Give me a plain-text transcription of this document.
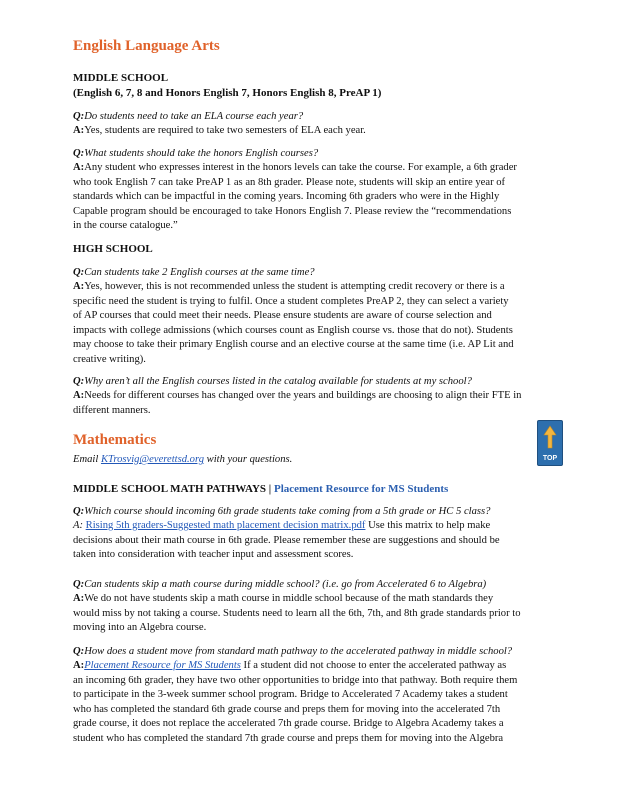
English Language Arts
MIDDLE SCHOOL
(English 6, 7, 8 and Honors English 7, Honors English 8, PreAP 1)
Q:Do students need to take an ELA course each year?
A:Yes, students are required to take two semesters of ELA each year.
Q:What students should take the honors English courses?
A:Any student who expresses interest in the honors levels can take the course. For example, a 6th grader
who took English 7 can take PreAP 1 as an 8th grader. Please note, students will skip an entire year of
standards which can be impactful in the coming years. Incoming 6th graders who were in the Highly
Capable program should be encouraged to take Honors English 7. Please review the “recommendations
in the course catalogue.”
HIGH SCHOOL
Q:Can students take 2 English courses at the same time?
A:Yes, however, this is not recommended unless the student is attempting credit recovery or there is a
specific need the student is trying to fulfil. Once a student completes PreAP 2, they can select a variety
of AP courses that could meet their needs. Please ensure students are aware of course selection and
impacts with college admissions (which courses count as English course vs. those that do not). Students
may choose to take their primary English course and an elective course at the same time (i.e. AP Lit and
creative writing).
Q:Why aren’t all the English courses listed in the catalog available for students at my school?
A:Needs for different courses has changed over the years and buildings are choosing to align their FTE in
different manners.
Mathematics
TOP
Email KTrosvig@everettsd.org with your questions.
MIDDLE SCHOOL MATH PATHWAYS | Placement Resource for MS Students
Q:Which course should incoming 6th grade students take coming from a 5th grade or HC 5 class?
A: Rising 5th graders-Suggested math placement decision matrix.pdf Use this matrix to help make
decisions about their math course in 6th grade. Please remember these are suggestions and should be
taken into consideration with teacher input and assessment scores.
Q:Can students skip a math course during middle school? (i.e. go from Accelerated 6 to Algebra)
A:We do not have students skip a math course in middle school because of the math standards they
would miss by not taking a course. Students need to learn all the 6th, 7th, and 8th grade standards prior to
moving into an Algebra course.
Q:How does a student move from standard math pathway to the accelerated pathway in middle school?
A:Placement Resource for MS Students If a student did not choose to enter the accelerated pathway as
an incoming 6th grader, they have two other opportunities to bridge into that pathway. Both require them
to participate in the 3-week summer school program. Bridge to Accelerated 7 Academy takes a student
who has completed the standard 6th grade course and preps them for moving into the accelerated 7th
grade course, it does not replace the accelerated 7th grade course. Bridge to Algebra Academy takes a
student who has completed the standard 7th grade course and preps them for moving into the Algebra
